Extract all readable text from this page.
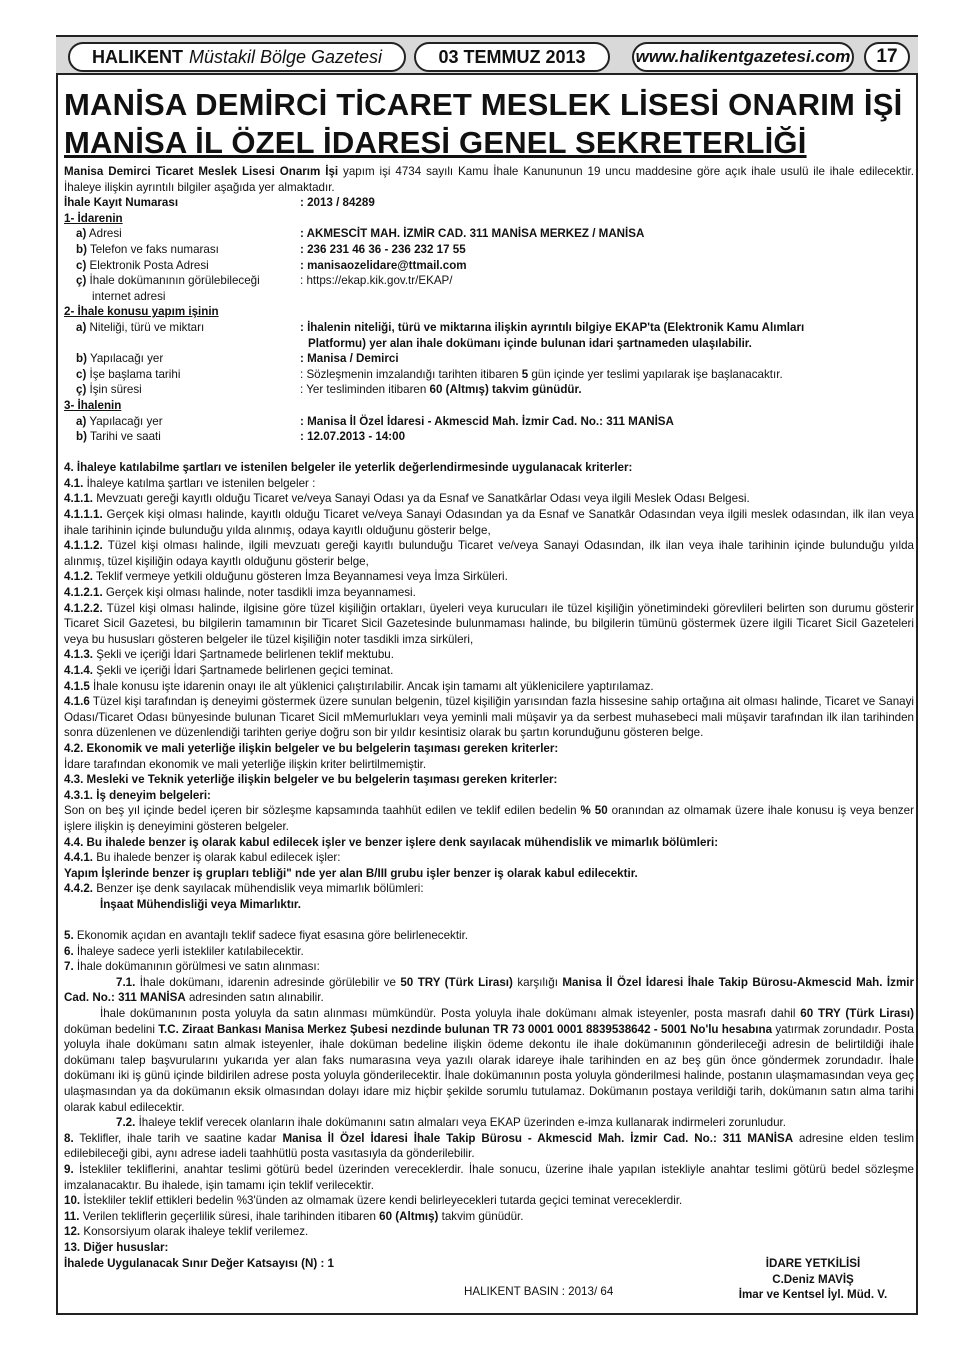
HALIKENT Müstakil Bölge Gazetesi	03 TEMMUZ 2013	www.halikentgazetesi.com	17
MANİSA DEMİRCİ TİCARET MESLEK LİSESİ ONARIM İŞİ
MANİSA İL ÖZEL İDARESİ GENEL SEKRETERLİĞİ

Manisa Demirci Ticaret Meslek Lisesi Onarım İşi yapım işi 4734 sayılı Kamu İhale Kanununun 19 uncu maddesine göre açık ihale usulü ile ihale edilecektir. İhaleye ilişkin ayrıntılı bilgiler aşağıda yer almaktadır.

İhale Kayıt Numarası	: 2013 / 84289
1- İdarenin
a) Adresi	: AKMESCİT MAH. İZMİR CAD. 311 MANİSA MERKEZ / MANİSA
b) Telefon ve faks numarası	: 236 231 46 36 - 236 232 17 55
c) Elektronik Posta Adresi	: manisaozelidare@ttmail.com
ç) İhale dokümanının görülebileceği
internet adresi
: https://ekap.kik.gov.tr/EKAP/
2- İhale konusu yapım işinin
a) Niteliği, türü ve miktarı	: İhalenin niteliği, türü ve miktarına ilişkin ayrıntılı bilgiye EKAP'ta (Elektronik Kamu Alımları
Platformu) yer alan ihale dokümanı içinde bulunan idari şartnameden ulaşılabilir.
b) Yapılacağı yer	: Manisa / Demirci
c) İşe başlama tarihi	: Sözleşmenin imzalandığı tarihten itibaren 5 gün içinde yer teslimi yapılarak işe başlanacaktır.
ç) İşin süresi	: Yer tesliminden itibaren 60 (Altmış) takvim günüdür.
3- İhalenin
a) Yapılacağı yer	: Manisa İl Özel İdaresi - Akmescid Mah. İzmir Cad. No.: 311 MANİSA
b) Tarihi ve saati	: 12.07.2013 - 14:00

4. İhaleye katılabilme şartları ve istenilen belgeler ile yeterlik değerlendirmesinde uygulanacak kriterler:

4.1. İhaleye katılma şartları ve istenilen belgeler :

4.1.1. Mevzuatı gereği kayıtlı olduğu Ticaret ve/veya Sanayi Odası ya da Esnaf ve Sanatkârlar Odası veya ilgili Meslek Odası Belgesi.

4.1.1.1. Gerçek kişi olması halinde, kayıtlı olduğu Ticaret ve/veya Sanayi Odasından ya da Esnaf ve Sanatkâr Odasından veya ilgili meslek odasından, ilk ilan veya ihale tarihinin içinde bulunduğu yılda alınmış, odaya kayıtlı olduğunu gösterir belge,

4.1.1.2. Tüzel kişi olması halinde, ilgili mevzuatı gereği kayıtlı bulunduğu Ticaret ve/veya Sanayi Odasından, ilk ilan veya ihale tarihinin içinde bulunduğu yılda alınmış, tüzel kişiliğin odaya kayıtlı olduğunu gösterir belge,

4.1.2. Teklif vermeye yetkili olduğunu gösteren İmza Beyannamesi veya İmza Sirküleri.

4.1.2.1. Gerçek kişi olması halinde, noter tasdikli imza beyannamesi.

4.1.2.2. Tüzel kişi olması halinde, ilgisine göre tüzel kişiliğin ortakları, üyeleri veya kurucuları ile tüzel kişiliğin yönetimindeki görevlileri belirten son durumu gösterir Ticaret Sicil Gazetesi, bu bilgilerin tamamının bir Ticaret Sicil Gazetesinde bulunmaması halinde, bu bilgilerin tümünü göstermek üzere ilgili Ticaret Sicil Gazeteleri veya bu hususları gösteren belgeler ile tüzel kişiliğin noter tasdikli imza sirküleri,

4.1.3. Şekli ve içeriği İdari Şartnamede belirlenen teklif mektubu.

4.1.4. Şekli ve içeriği İdari Şartnamede belirlenen geçici teminat.

4.1.5 İhale konusu işte idarenin onayı ile alt yüklenici çalıştırılabilir. Ancak işin tamamı alt yüklenicilere yaptırılamaz.

4.1.6 Tüzel kişi tarafından iş deneyimi göstermek üzere sunulan belgenin, tüzel kişiliğin yarısından fazla hissesine sahip ortağına ait olması halinde, Ticaret ve Sanayi Odası/Ticaret Odası bünyesinde bulunan Ticaret Sicil mMemurlukları veya yeminli mali müşavir ya da serbest muhasebeci mali müşavir tarafından ilk ilan tarihinden sonra düzenlenen ve düzenlendiği tarihten geriye doğru son bir yıldır kesintisiz olarak bu şartın korunduğunu gösteren belge.

4.2. Ekonomik ve mali yeterliğe ilişkin belgeler ve bu belgelerin taşıması gereken kriterler:

İdare tarafından ekonomik ve mali yeterliğe ilişkin kriter belirtilmemiştir.

4.3. Mesleki ve Teknik yeterliğe ilişkin belgeler ve bu belgelerin taşıması gereken kriterler:

4.3.1. İş deneyim belgeleri:

Son on beş yıl içinde bedel içeren bir sözleşme kapsamında taahhüt edilen ve teklif edilen bedelin % 50 oranından az olmamak üzere ihale konusu iş veya benzer işlere ilişkin iş deneyimini gösteren belgeler.

4.4. Bu ihalede benzer iş olarak kabul edilecek işler ve benzer işlere denk sayılacak mühendislik ve mimarlık bölümleri:

4.4.1. Bu ihalede benzer iş olarak kabul edilecek işler:

Yapım İşlerinde benzer iş grupları tebliği" nde yer alan B/III grubu işler benzer iş olarak kabul edilecektir.

4.4.2. Benzer işe denk sayılacak mühendislik veya mimarlık bölümleri:

İnşaat Mühendisliği veya Mimarlıktır.

5. Ekonomik açıdan en avantajlı teklif sadece fiyat esasına göre belirlenecektir.

6. İhaleye sadece yerli istekliler katılabilecektir.

7. İhale dokümanının görülmesi ve satın alınması:

7.1. İhale dokümanı, idarenin adresinde görülebilir ve 50 TRY (Türk Lirası) karşılığı Manisa İl Özel İdaresi İhale Takip Bürosu-Akmescid Mah. İzmir Cad. No.: 311 MANİSA adresinden satın alınabilir.

İhale dokümanının posta yoluyla da satın alınması mümkündür. Posta yoluyla ihale dokümanı almak isteyenler, posta masrafı dahil 60 TRY (Türk Lirası) doküman bedelini T.C. Ziraat Bankası Manisa Merkez Şubesi nezdinde bulunan TR 73 0001 0001 8839538642 - 5001 No'lu hesabına yatırmak zorundadır. Posta yoluyla ihale dokümanı satın almak isteyenler, ihale doküman bedeline ilişkin ödeme dekontu ile ihale dokümanının gönderileceği adresin de belirtildiği ihale dokümanı talep başvurularını yukarıda yer alan faks numarasına veya yazılı olarak idareye ihale tarihinden en az beş gün önce göndermek zorundadır. İhale dokümanı iki iş günü içinde bildirilen adrese posta yoluyla gönderilecektir. İhale dokümanının posta yoluyla gönderilmesi halinde, postanın ulaşmamasından veya geç ulaşmasından ya da dokümanın eksik olmasından dolayı idare miz hiçbir şekilde sorumlu tutulamaz. Dokümanın postaya verildiği tarih, dokümanın satın alma tarihi olarak kabul edilecektir.

7.2. İhaleye teklif verecek olanların ihale dokümanını satın almaları veya EKAP üzerinden e-imza kullanarak indirmeleri zorunludur.

8. Teklifler, ihale tarih ve saatine kadar Manisa İl Özel İdaresi İhale Takip Bürosu - Akmescid Mah. İzmir Cad. No.: 311 MANİSA adresine elden teslim edilebileceği gibi, aynı adrese iadeli taahhütlü posta vasıtasıyla da gönderilebilir.

9. İstekliler tekliflerini, anahtar teslimi götürü bedel üzerinden vereceklerdir. İhale sonucu, üzerine ihale yapılan istekliyle anahtar teslimi götürü bedel sözleşme imzalanacaktır. Bu ihalede, işin tamamı için teklif verilecektir.

10. İstekliler teklif ettikleri bedelin %3'ünden az olmamak üzere kendi belirleyecekleri tutarda geçici teminat vereceklerdir.

11. Verilen tekliflerin geçerlilik süresi, ihale tarihinden itibaren 60 (Altmış) takvim günüdür.

12. Konsorsiyum olarak ihaleye teklif verilemez.

13. Diğer hususlar:

İhalede Uygulanacak Sınır Değer Katsayısı (N) : 1

HALIKENT BASIN : 2013/ 64
İDARE YETKİLİSİ
C.Deniz MAVİŞ
İmar ve Kentsel İyl. Müd. V.
